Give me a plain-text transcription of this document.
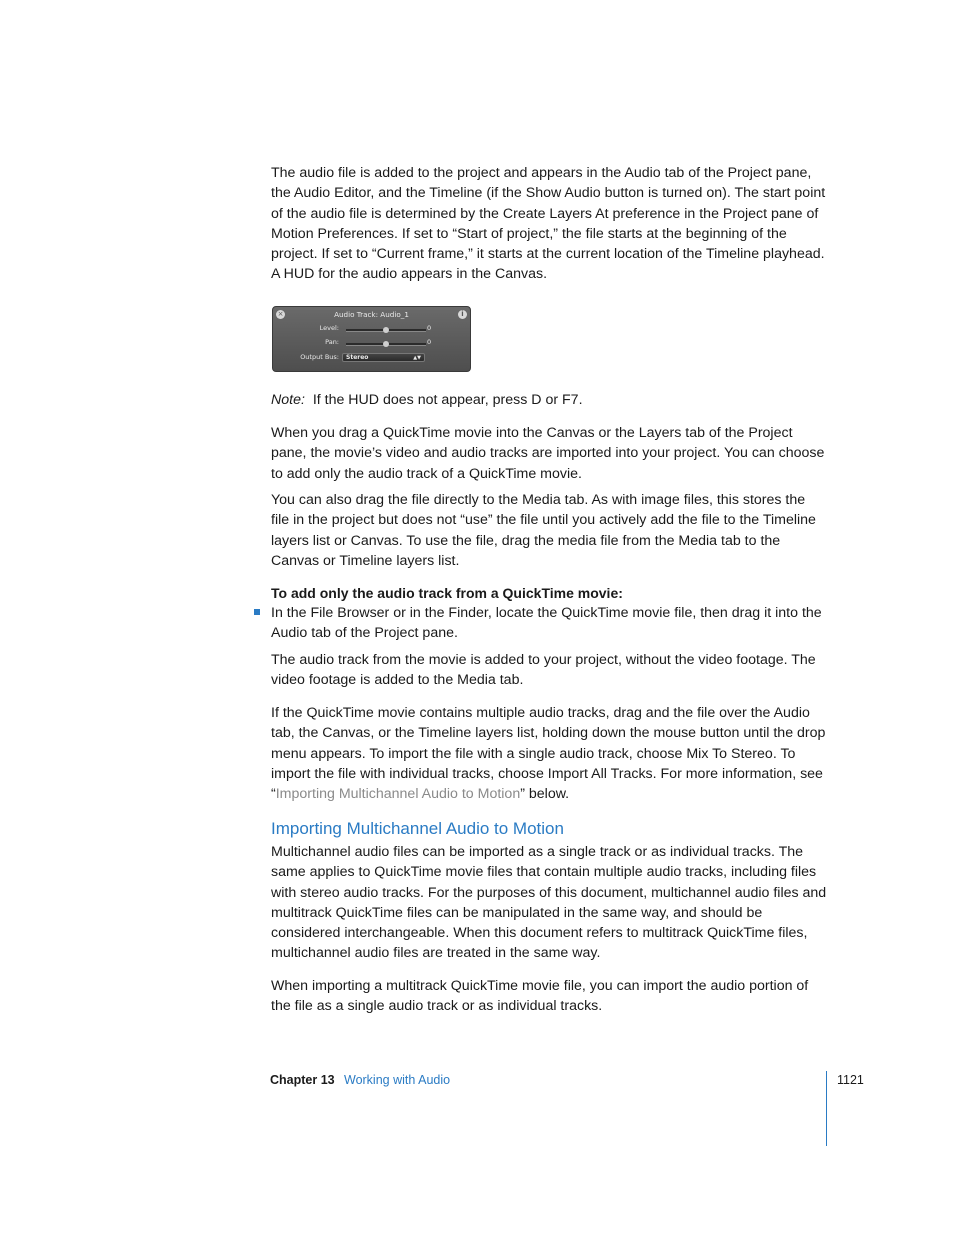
The audio file is added to the project and appears in the Audio tab of the Project pane, the Audio Editor, and the Timeline (if the Show Audio button is turned on). The start point of the audio file is determined by the Create Layers At preference in the Project pane of Motion Preferences. If set to “Start of project,” the file starts at the beginning of the project. If set to “Current frame,” it starts at the current location of the Timeline playhead. A HUD for the audio appears in the Canvas.

×	Audio Track: Audio_1	i
Level:	0
Pan:	0
Output Bus:	Stereo	▲▼

Note: If the HUD does not appear, press D or F7.

When you drag a QuickTime movie into the Canvas or the Layers tab of the Project pane, the movie’s video and audio tracks are imported into your project. You can choose to add only the audio track of a QuickTime movie.

You can also drag the file directly to the Media tab. As with image files, this stores the file in the project but does not “use” the file until you actively add the file to the Timeline layers list or Canvas. To use the file, drag the media file from the Media tab to the Canvas or Timeline layers list.

To add only the audio track from a QuickTime movie:

In the File Browser or in the Finder, locate the QuickTime movie file, then drag it into the Audio tab of the Project pane.

The audio track from the movie is added to your project, without the video footage. The video footage is added to the Media tab.

If the QuickTime movie contains multiple audio tracks, drag and the file over the Audio tab, the Canvas, or the Timeline layers list, holding down the mouse button until the drop menu appears. To import the file with a single audio track, choose Mix To Stereo. To import the file with individual tracks, choose Import All Tracks. For more information, see “Importing Multichannel Audio to Motion” below.

Importing Multichannel Audio to Motion

Multichannel audio files can be imported as a single track or as individual tracks. The same applies to QuickTime movie files that contain multiple audio tracks, including files with stereo audio tracks. For the purposes of this document, multichannel audio files and multitrack QuickTime files can be manipulated in the same way, and should be considered interchangeable. When this document refers to multitrack QuickTime files, multichannel audio files are treated in the same way.

When importing a multitrack QuickTime movie file, you can import the audio portion of the file as a single audio track or as individual tracks.

Chapter 13 Working with Audio	1121
